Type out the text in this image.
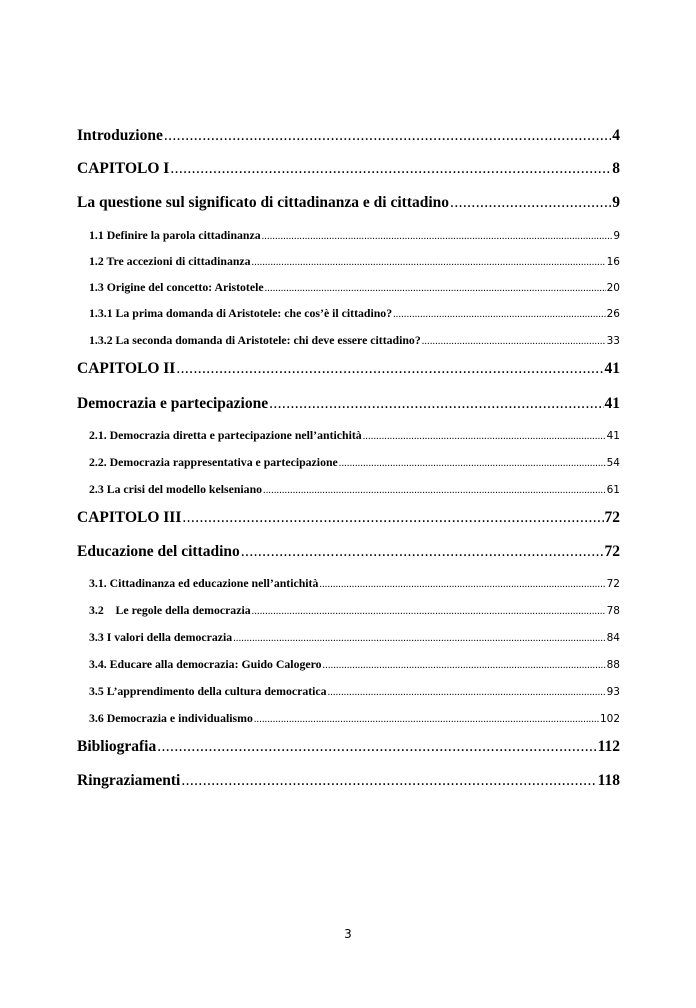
Introduzione .....	4
CAPITOLO I .....	8
La questione sul significato di cittadinanza e di cittadino .....	9
1.1 Definire la parola cittadinanza .....	9
1.2 Tre accezioni di cittadinanza .....	16
1.3 Origine del concetto: Aristotele .....	20
1.3.1 La prima domanda di Aristotele: che cos’è il cittadino? .....	26
1.3.2 La seconda domanda di Aristotele: chi deve essere cittadino? .....	33
CAPITOLO II .....	41
Democrazia e partecipazione .....	41
2.1. Democrazia diretta e partecipazione nell’antichità .....	41
2.2. Democrazia rappresentativa e partecipazione .....	54
2.3 La crisi del modello kelseniano .....	61
CAPITOLO III .....	72
Educazione del cittadino .....	72
3.1. Cittadinanza ed educazione nell’antichità .....	72
3.2    Le regole della democrazia .....	78
3.3 I valori della democrazia .....	84
3.4. Educare alla democrazia: Guido Calogero .....	88
3.5 L’apprendimento della cultura democratica .....	93
3.6 Democrazia e individualismo .....	102
Bibliografia .....	112
Ringraziamenti .....	118
3
